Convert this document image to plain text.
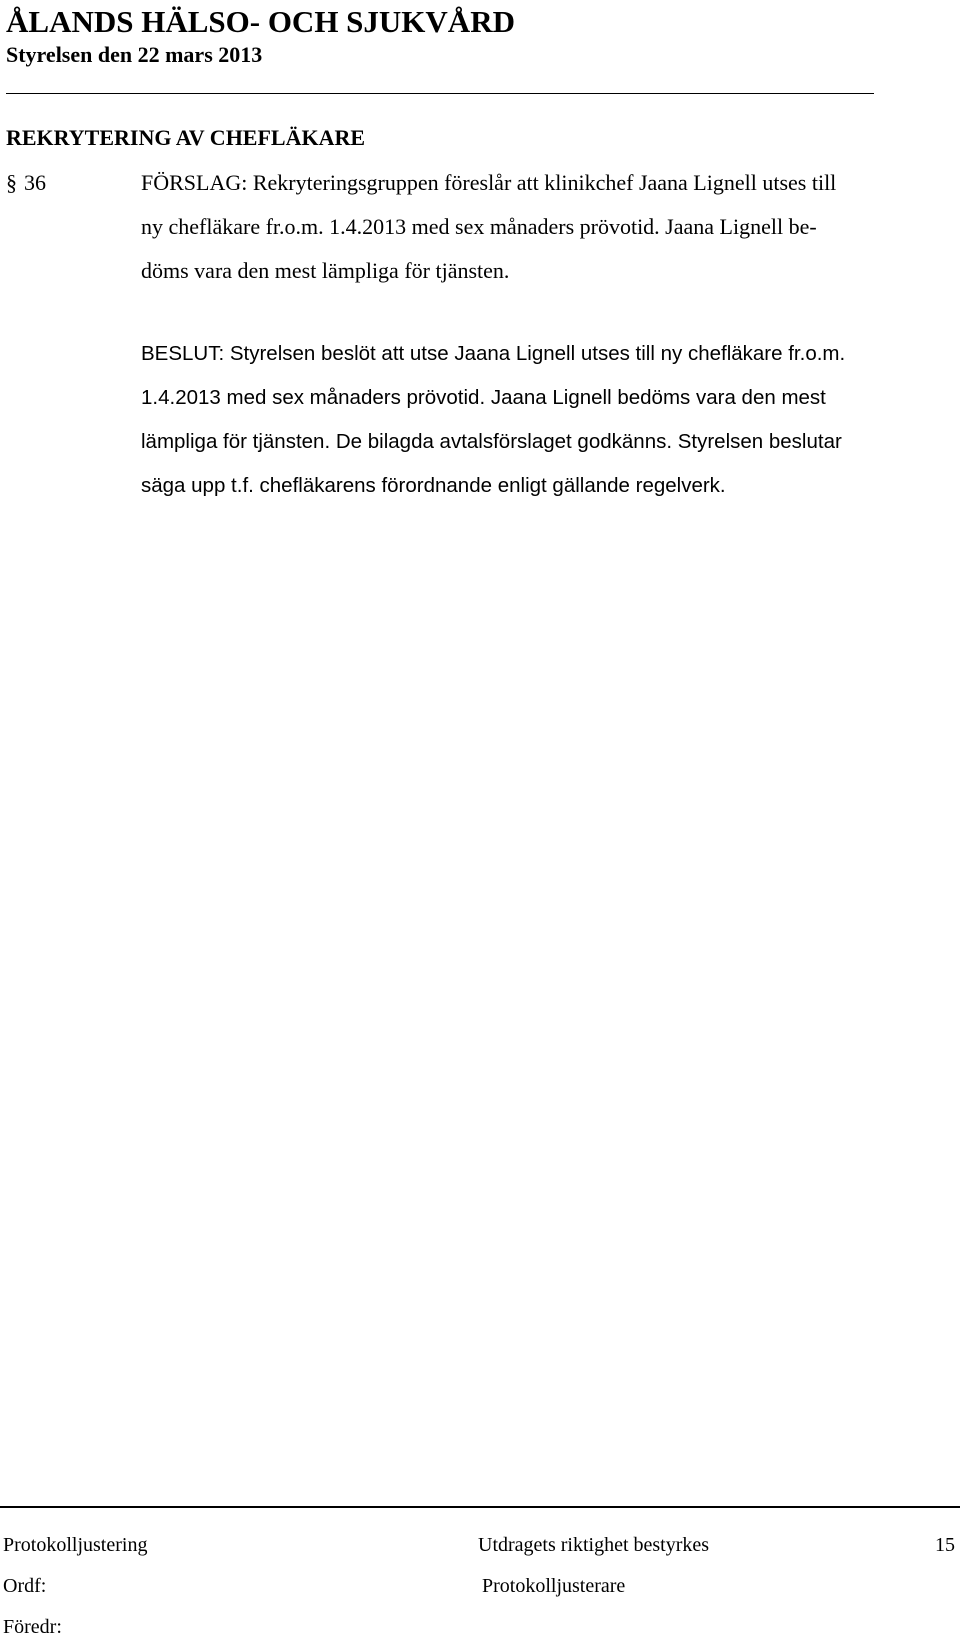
ÅLANDS HÄLSO- OCH SJUKVÅRD
Styrelsen den 22 mars 2013
REKRYTERING AV CHEFLÄKARE
§ 36	FÖRSLAG: Rekryteringsgruppen föreslår att klinikchef Jaana Lignell utses till
ny chefläkare fr.o.m. 1.4.2013 med sex månaders prövotid. Jaana Lignell be-
döms vara den mest lämpliga för tjänsten.
BESLUT: Styrelsen beslöt att utse Jaana Lignell utses till ny chefläkare fr.o.m.
1.4.2013 med sex månaders prövotid. Jaana Lignell bedöms vara den mest
lämpliga för tjänsten. De bilagda avtalsförslaget godkänns. Styrelsen beslutar
säga upp t.f. chefläkarens förordnande enligt gällande regelverk.
Protokolljustering	Utdragets riktighet bestyrkes	15
Ordf:	Protokolljusterare
Föredr:
